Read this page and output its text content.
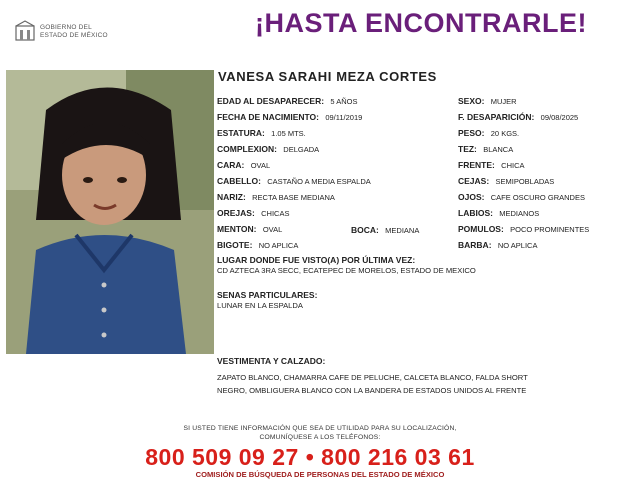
GOBIERNO DEL
ESTADO DE MÉXICO	¡HASTA ENCONTRARLE!
VANESA SARAHI MEZA CORTES
EDAD AL DESAPARECER: 5 AÑOS
FECHA DE NACIMIENTO: 09/11/2019
ESTATURA: 1.05 MTS.
COMPLEXION: DELGADA
CARA: OVAL
CABELLO: CASTAÑO A MEDIA ESPALDA
NARIZ: RECTA BASE MEDIANA
OREJAS: CHICAS
MENTON: OVAL
BIGOTE: NO APLICA
BOCA: MEDIANA
SEXO: MUJER
F. DESAPARICIÓN: 09/08/2025
PESO: 20 KGS.
TEZ: BLANCA
FRENTE: CHICA
CEJAS: SEMIPOBLADAS
OJOS: CAFE OSCURO GRANDES
LABIOS: MEDIANOS
POMULOS: POCO PROMINENTES
BARBA: NO APLICA
LUGAR DONDE FUE VISTO(A) POR ÚLTIMA VEZ:
CD AZTECA 3RA SECC, ECATEPEC DE MORELOS, ESTADO DE MEXICO
SENAS PARTICULARES:
LUNAR EN LA ESPALDA
VESTIMENTA Y CALZADO:
ZAPATO BLANCO, CHAMARRA CAFE DE PELUCHE, CALCETA BLANCO, FALDA SHORT
NEGRO, OMBLIGUERA BLANCO CON LA BANDERA DE ESTADOS UNIDOS AL FRENTE
SI USTED TIENE INFORMACIÓN QUE SEA DE UTILIDAD PARA SU LOCALIZACIÓN,
COMUNÍQUESE A LOS TELÉFONOS:
800 509 09 27 • 800 216 03 61
COMISIÓN DE BÚSQUEDA DE PERSONAS DEL ESTADO DE MÉXICO
